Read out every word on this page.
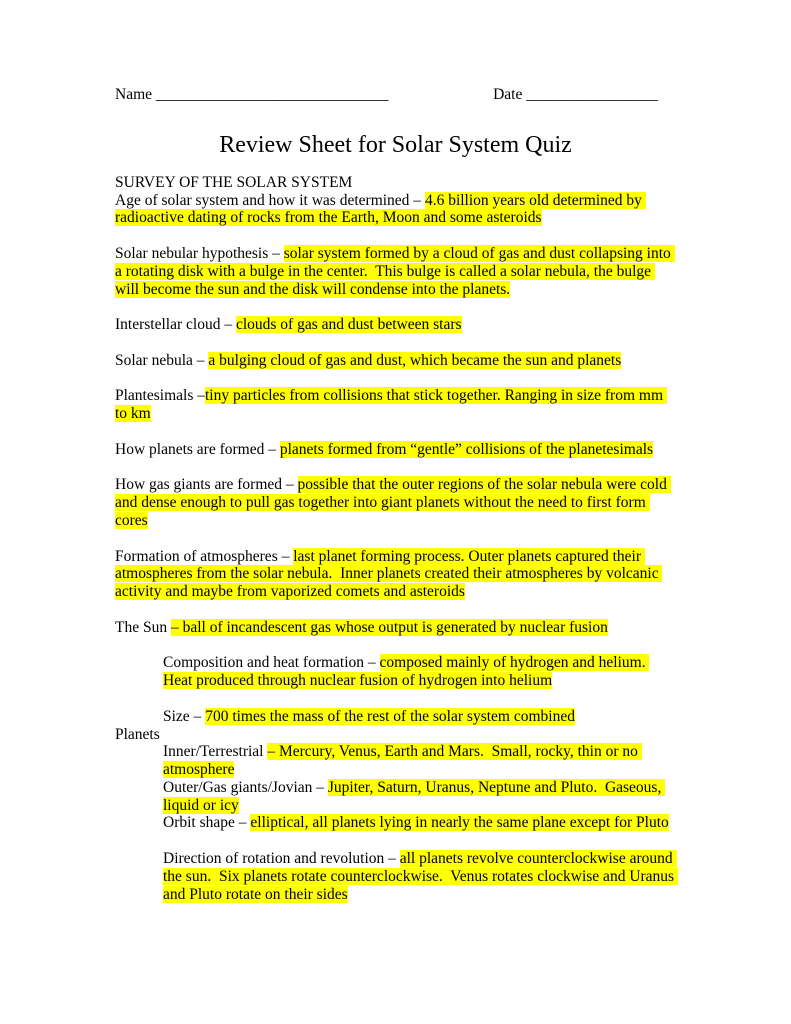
Name ______________________________	Date _________________
Review Sheet for Solar System Quiz

SURVEY OF THE SOLAR SYSTEM

Age of solar system and how it was determined – 4.6 billion years old determined by radioactive dating of rocks from the Earth, Moon and some asteroids

Solar nebular hypothesis – solar system formed by a cloud of gas and dust collapsing into a rotating disk with a bulge in the center.  This bulge is called a solar nebula, the bulge will become the sun and the disk will condense into the planets.

Interstellar cloud – clouds of gas and dust between stars

Solar nebula – a bulging cloud of gas and dust, which became the sun and planets

Plantesimals –tiny particles from collisions that stick together. Ranging in size from mm to km

How planets are formed – planets formed from “gentle” collisions of the planetesimals

How gas giants are formed – possible that the outer regions of the solar nebula were cold and dense enough to pull gas together into giant planets without the need to first form cores

Formation of atmospheres – last planet forming process. Outer planets captured their atmospheres from the solar nebula.  Inner planets created their atmospheres by volcanic activity and maybe from vaporized comets and asteroids

The Sun – ball of incandescent gas whose output is generated by nuclear fusion

Composition and heat formation – composed mainly of hydrogen and helium. Heat produced through nuclear fusion of hydrogen into helium

Size – 700 times the mass of the rest of the solar system combined

Planets

Inner/Terrestrial – Mercury, Venus, Earth and Mars.  Small, rocky, thin or no atmosphere

Outer/Gas giants/Jovian – Jupiter, Saturn, Uranus, Neptune and Pluto.  Gaseous, liquid or icy

Orbit shape – elliptical, all planets lying in nearly the same plane except for Pluto

Direction of rotation and revolution – all planets revolve counterclockwise around the sun.  Six planets rotate counterclockwise.  Venus rotates clockwise and Uranus and Pluto rotate on their sides
